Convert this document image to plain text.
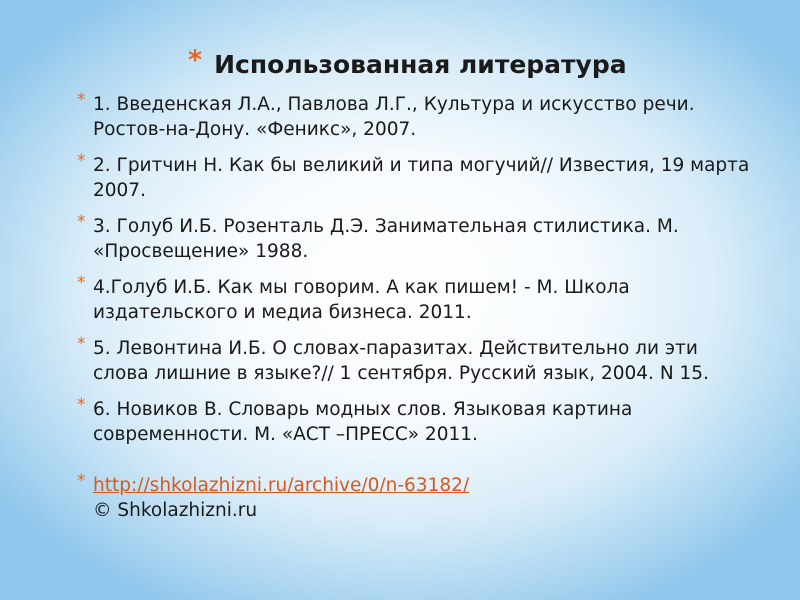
* Использованная литература
* 1. Введенская Л.А., Павлова Л.Г., Культура и искусство речи. Ростов-на-Дону. «Феникс», 2007.
* 2. Гритчин Н. Как бы великий и типа могучий// Известия, 19 марта 2007.
* 3. Голуб И.Б. Розенталь Д.Э. Занимательная стилистика. М. «Просвещение» 1988.
* 4.Голуб И.Б. Как мы говорим. А как пишем! - М. Школа издательского и медиа бизнеса. 2011.
* 5. Левонтина И.Б. О словах-паразитах. Действительно ли эти слова лишние в языке?// 1 сентября. Русский язык, 2004. N 15.
* 6. Новиков В. Словарь модных слов. Языковая картина современности. М. «АСТ –ПРЕСС» 2011.
* http://shkolazhizni.ru/archive/0/n-63182/
© Shkolazhizni.ru
